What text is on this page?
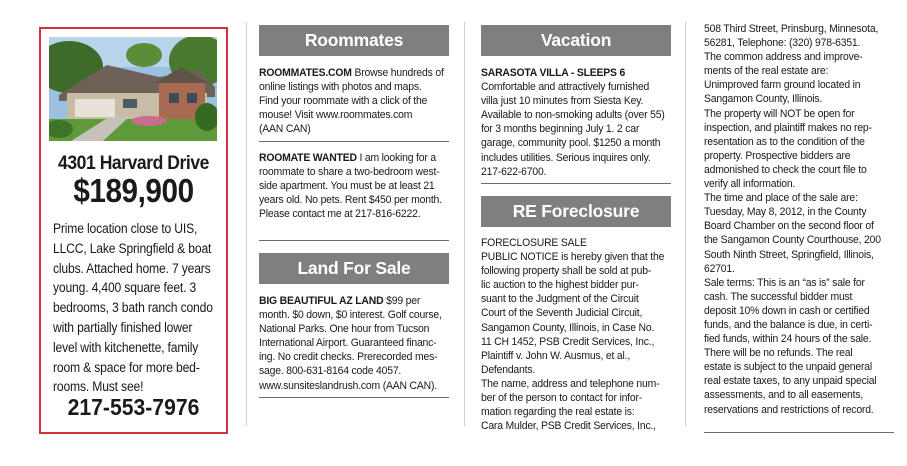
4301 Harvard Drive
$189,900
Prime location close to UIS,
LLCC, Lake Springfield & boat
clubs. Attached home. 7 years
young. 4,400 square feet. 3
bedrooms, 3 bath ranch condo
with partially finished lower
level with kitchenette, family
room & space for more bed-
rooms. Must see!
217-553-7976
Roommates
ROOMMATES.COM Browse hundreds of
online listings with photos and maps.
Find your roommate with a click of the
mouse! Visit www.roommates.com
(AAN CAN)
ROOMATE WANTED I am looking for a
roommate to share a two-bedroom west-
side apartment. You must be at least 21
years old. No pets. Rent $450 per month.
Please contact me at 217-816-6222.
Land For Sale
BIG BEAUTIFUL AZ LAND $99 per
month. $0 down, $0 interest. Golf course,
National Parks. One hour from Tucson
International Airport. Guaranteed financ-
ing. No credit checks. Prerecorded mes-
sage. 800-631-8164 code 4057.
www.sunsiteslandrush.com (AAN CAN).
Vacation
SARASOTA VILLA - SLEEPS 6
Comfortable and attractively furnished
villa just 10 minutes from Siesta Key.
Available to non-smoking adults (over 55)
for 3 months beginning July 1. 2 car
garage, community pool. $1250 a month
includes utilities. Serious inquires only.
217-622-6700.
RE Foreclosure
FORECLOSURE SALE
PUBLIC NOTICE is hereby given that the
following property shall be sold at pub-
lic auction to the highest bidder pur-
suant to the Judgment of the Circuit
Court of the Seventh Judicial Circuit,
Sangamon County, Illinois, in Case No.
11 CH 1452, PSB Credit Services, Inc.,
Plaintiff v. John W. Ausmus, et al.,
Defendants.
The name, address and telephone num-
ber of the person to contact for infor-
mation regarding the real estate is:
Cara Mulder, PSB Credit Services, Inc.,
508 Third Street, Prinsburg, Minnesota,
56281, Telephone: (320) 978-6351.
The common address and improve-
ments of the real estate are:
Unimproved farm ground located in
Sangamon County, Illinois.
The property will NOT be open for
inspection, and plaintiff makes no rep-
resentation as to the condition of the
property. Prospective bidders are
admonished to check the court file to
verify all information.
The time and place of the sale are:
Tuesday, May 8, 2012, in the County
Board Chamber on the second floor of
the Sangamon County Courthouse, 200
South Ninth Street, Springfield, Illinois,
62701.
Sale terms: This is an “as is” sale for
cash. The successful bidder must
deposit 10% down in cash or certified
funds, and the balance is due, in certi-
fied funds, within 24 hours of the sale.
There will be no refunds. The real
estate is subject to the unpaid general
real estate taxes, to any unpaid special
assessments, and to all easements,
reservations and restrictions of record.
